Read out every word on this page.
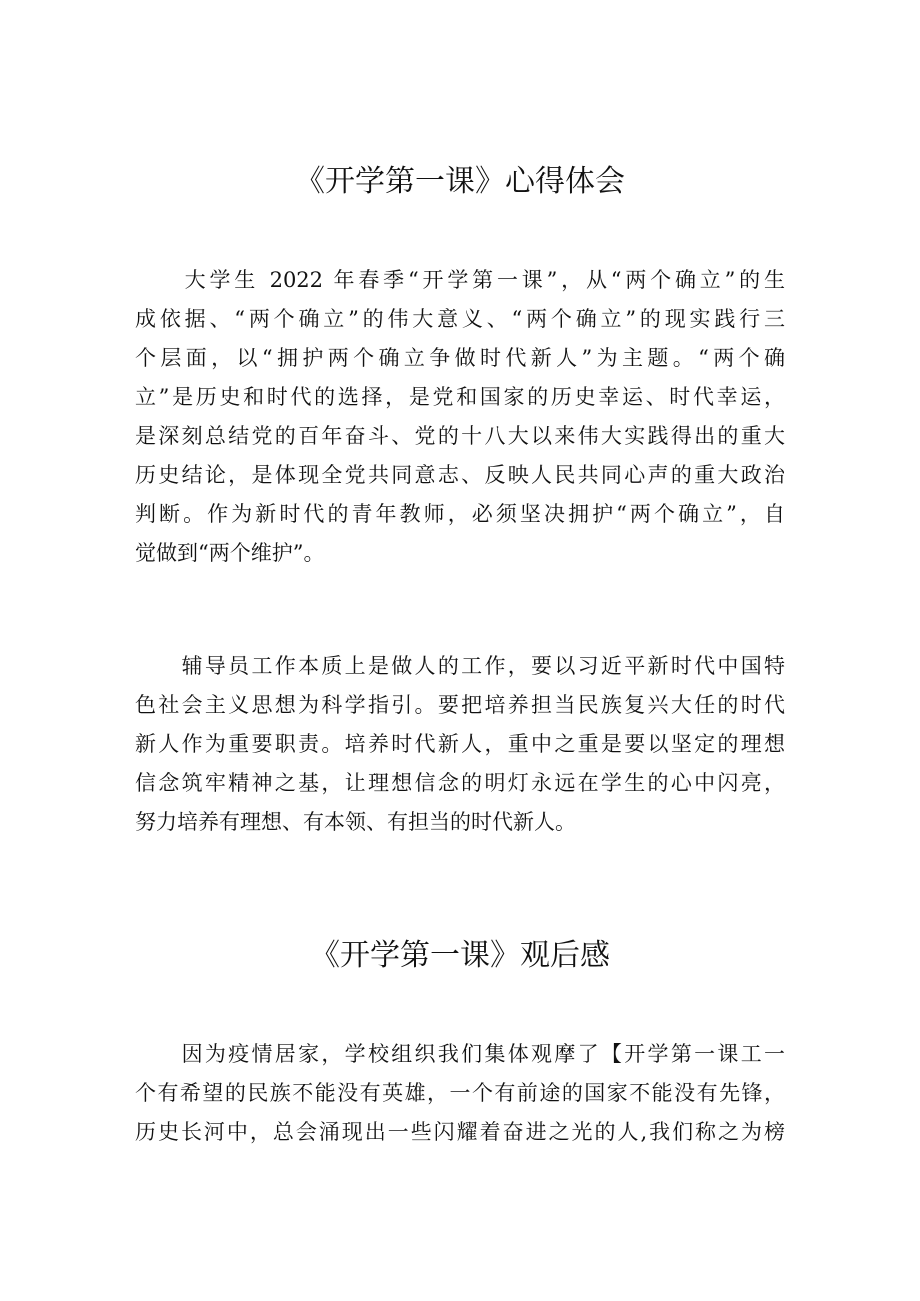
《开学第一课》心得体会
　　大学生 2022 年春季“开学第一课”，从“两个确立”的生
成依据、“两个确立”的伟大意义、“两个确立”的现实践行三
个层面，以“拥护两个确立争做时代新人”为主题。“两个确
立”是历史和时代的选择，是党和国家的历史幸运、时代幸运，
是深刻总结党的百年奋斗、党的十八大以来伟大实践得出的重大
历史结论，是体现全党共同意志、反映人民共同心声的重大政治
判断。作为新时代的青年教师，必须坚决拥护“两个确立”，自
觉做到“两个维护”。
　　辅导员工作本质上是做人的工作，要以习近平新时代中国特
色社会主义思想为科学指引。要把培养担当民族复兴大任的时代
新人作为重要职责。培养时代新人，重中之重是要以坚定的理想
信念筑牢精神之基，让理想信念的明灯永远在学生的心中闪亮，
努力培养有理想、有本领、有担当的时代新人。
《开学第一课》观后感
　　因为疫情居家，学校组织我们集体观摩了【开学第一课工一
个有希望的民族不能没有英雄，一个有前途的国家不能没有先锋，
历史长河中，总会涌现出一些闪耀着奋进之光的人,我们称之为榜
